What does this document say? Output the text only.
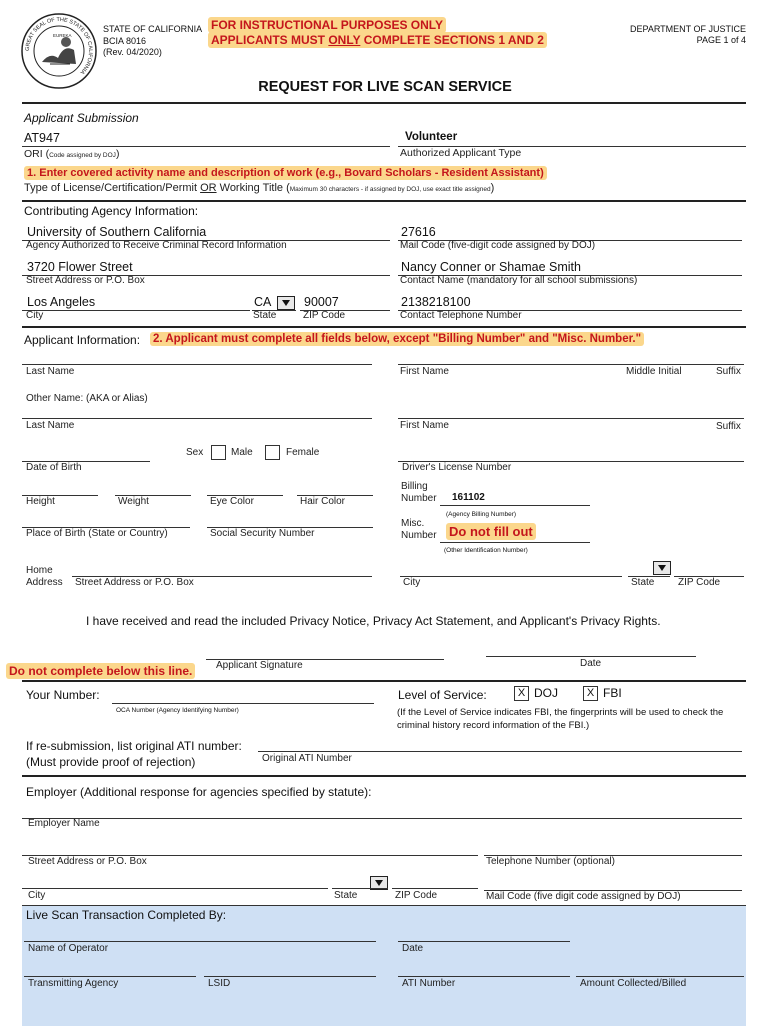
GREAT SEAL OF THE STATE OF CALIFORNIA
EUREKA
STATE OF CALIFORNIA
BCIA 8016
(Rev. 04/2020)
FOR INSTRUCTIONAL PURPOSES ONLY
APPLICANTS MUST ONLY COMPLETE SECTIONS 1 AND 2
DEPARTMENT OF JUSTICE
PAGE 1 of 4
REQUEST FOR LIVE SCAN SERVICE
Applicant Submission
AT947
ORI (Code assigned by DOJ)
Volunteer
Authorized Applicant Type
1. Enter covered activity name and description of work (e.g., Bovard Scholars - Resident Assistant)
Type of License/Certification/Permit OR Working Title (Maximum 30 characters - if assigned by DOJ, use exact title assigned)
Contributing Agency Information:
University of Southern California
Agency Authorized to Receive Criminal Record Information
27616
Mail Code (five-digit code assigned by DOJ)
3720 Flower Street
Street Address or P.O. Box
Nancy Conner or Shamae Smith
Contact Name (mandatory for all school submissions)
Los Angeles
City
CA
State
90007
ZIP Code
2138218100
Contact Telephone Number
Applicant Information: 2. Applicant must complete all fields below, except "Billing Number" and "Misc. Number."
Last Name	First Name	Middle Initial	Suffix
Other Name: (AKA or Alias)
Last Name	First Name	Suffix
Sex	Male	Female
Date of Birth	Driver's License Number
Height	Weight	Eye Color	Hair Color
Billing
Number 161102
(Agency Billing Number)
Place of Birth (State or Country)	Social Security Number
Misc.
Number Do not fill out
(Other Identification Number)
Home
Address Street Address or P.O. Box	City	State ZIP Code
I have received and read the included Privacy Notice, Privacy Act Statement, and Applicant's Privacy Rights.
Applicant Signature	Date
Do not complete below this line.
Your Number:
OCA Number (Agency Identifying Number)
Level of Service:	X DOJ	X FBI
(If the Level of Service indicates FBI, the fingerprints will be used to check the
criminal history record information of the FBI.)
If re-submission, list original ATI number:
(Must provide proof of rejection)	Original ATI Number
Employer (Additional response for agencies specified by statute):
Employer Name
Street Address or P.O. Box	Telephone Number (optional)
City	State	ZIP Code	Mail Code (five digit code assigned by DOJ)
Live Scan Transaction Completed By:
Name of Operator	Date
Transmitting Agency	LSID	ATI Number	Amount Collected/Billed
